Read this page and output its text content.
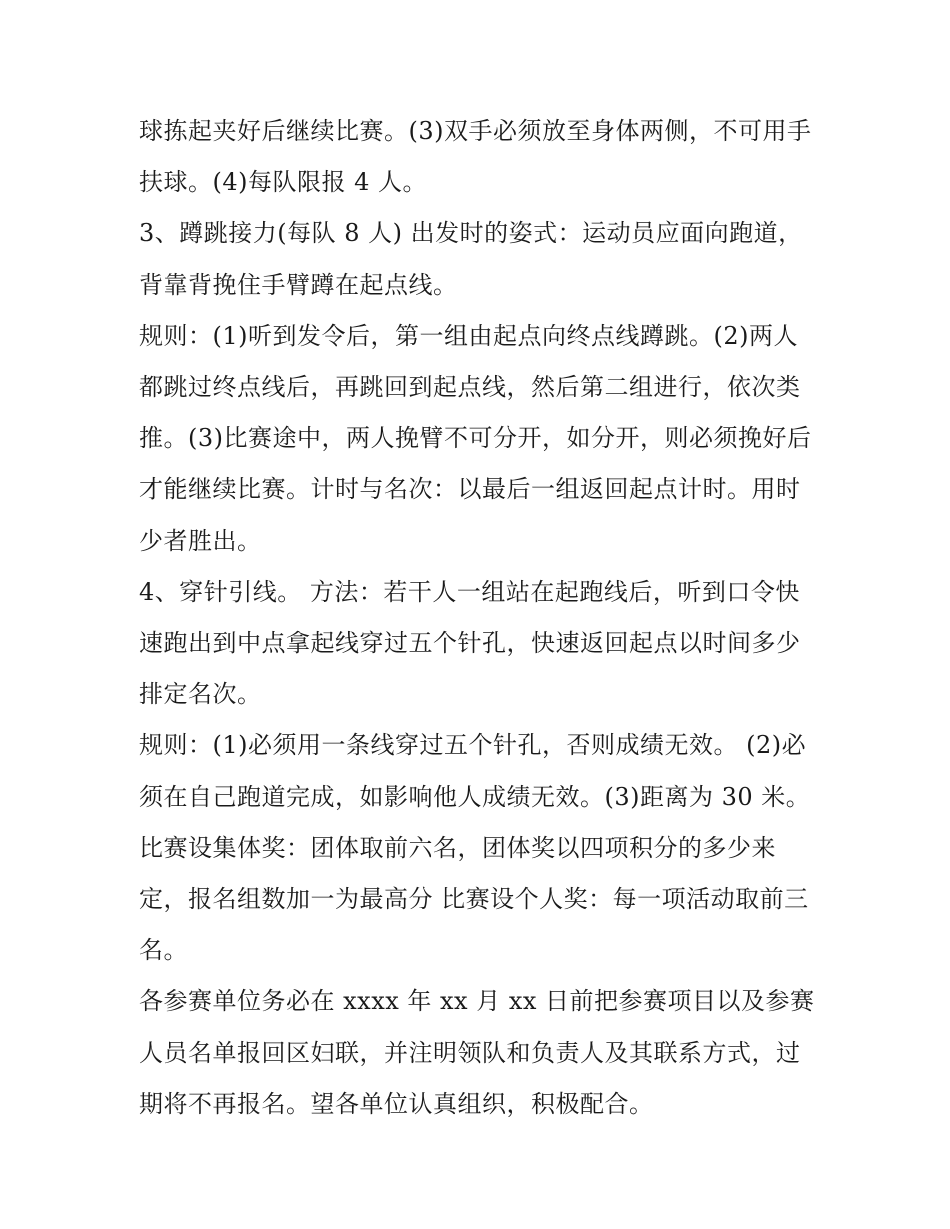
球拣起夹好后继续比赛。(3)双手必须放至身体两侧，不可用手扶球。(4)每队限报 4 人。

3、蹲跳接力(每队 8 人) 出发时的姿式：运动员应面向跑道，背靠背挽住手臂蹲在起点线。

规则：(1)听到发令后，第一组由起点向终点线蹲跳。(2)两人都跳过终点线后，再跳回到起点线，然后第二组进行，依次类推。(3)比赛途中，两人挽臂不可分开，如分开，则必须挽好后才能继续比赛。计时与名次：以最后一组返回起点计时。用时少者胜出。

4、穿针引线。 方法：若干人一组站在起跑线后，听到口令快速跑出到中点拿起线穿过五个针孔，快速返回起点以时间多少排定名次。

规则：(1)必须用一条线穿过五个针孔，否则成绩无效。 (2)必须在自己跑道完成，如影响他人成绩无效。(3)距离为 30 米。

比赛设集体奖：团体取前六名，团体奖以四项积分的多少来定，报名组数加一为最高分 比赛设个人奖：每一项活动取前三名。

各参赛单位务必在 xxxx 年 xx 月 xx 日前把参赛项目以及参赛人员名单报回区妇联，并注明领队和负责人及其联系方式，过期将不再报名。望各单位认真组织，积极配合。
